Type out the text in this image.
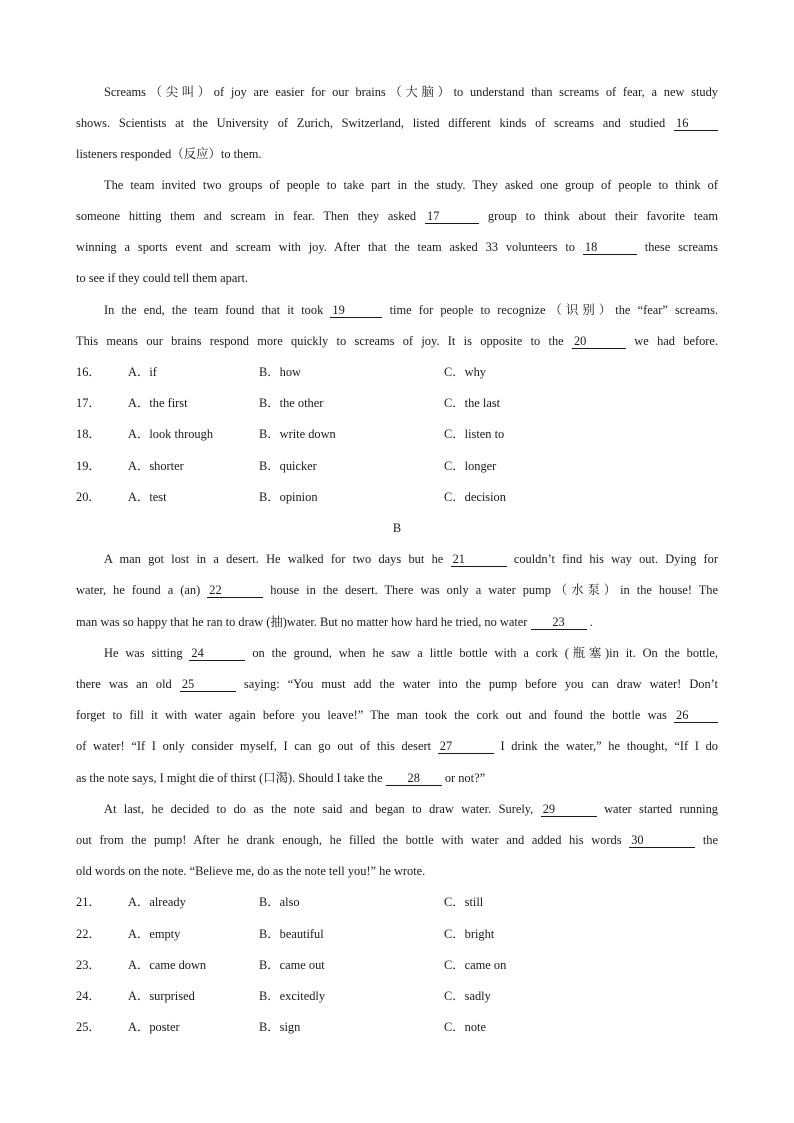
Screams（尖叫）of joy are easier for our brains（大脑）to understand than screams of fear, a new study
shows. Scientists at the University of Zurich, Switzerland, listed different kinds of screams and studied 16
listeners responded（反应）to them.
The team invited two groups of people to take part in the study. They asked one group of people to think of
someone hitting them and scream in fear. Then they asked 17	group to think about their favorite team
winning a sports event and scream with joy. After that the team asked 33 volunteers to 18	these screams
to see if they could tell them apart.
In the end, the team found that it took 19	time for people to recognize（识别）the “fear” screams.
This means our brains respond more quickly to screams of joy. It is opposite to the 20	we had before.
16． A．if	B．how	C．why
17． A．the first	B．the other	C．the last
18． A．look through	B．write down	C．listen to
19． A．shorter	B．quicker	C．longer
20． A．test	B．opinion	C．decision
B
A man got lost in a desert. He walked for two days but he 21	couldn’t find his way out. Dying for
water, he found a (an) 22	house in the desert. There was only a water pump（水泵）in the house! The
man was so happy that he ran to draw (抽)water. But no matter how hard he tried, no water 23 .
He was sitting 24	on the ground, when he saw a little bottle with a cork (瓶塞)in it. On the bottle,
there was an old 25	saying: “You must add the water into the pump before you can draw water! Don’t
forget to fill it with water again before you leave!” The man took the cork out and found the bottle was 26
of water! “If I only consider myself, I can go out of this desert 27	I drink the water,” he thought, “If I do
as the note says, I might die of thirst (口渴). Should I take the 28 or not?”
At last, he decided to do as the note said and began to draw water. Surely, 29	water started running
out from the pump! After he drank enough, he filled the bottle with water and added his words 30	the
old words on the note. “Believe me, do as the note tell you!” he wrote.
21． A．already	B．also	C．still
22． A．empty	B．beautiful	C．bright
23． A．came down	B．came out	C．came on
24． A．surprised	B．excitedly	C．sadly
25． A．poster	B．sign	C．note
